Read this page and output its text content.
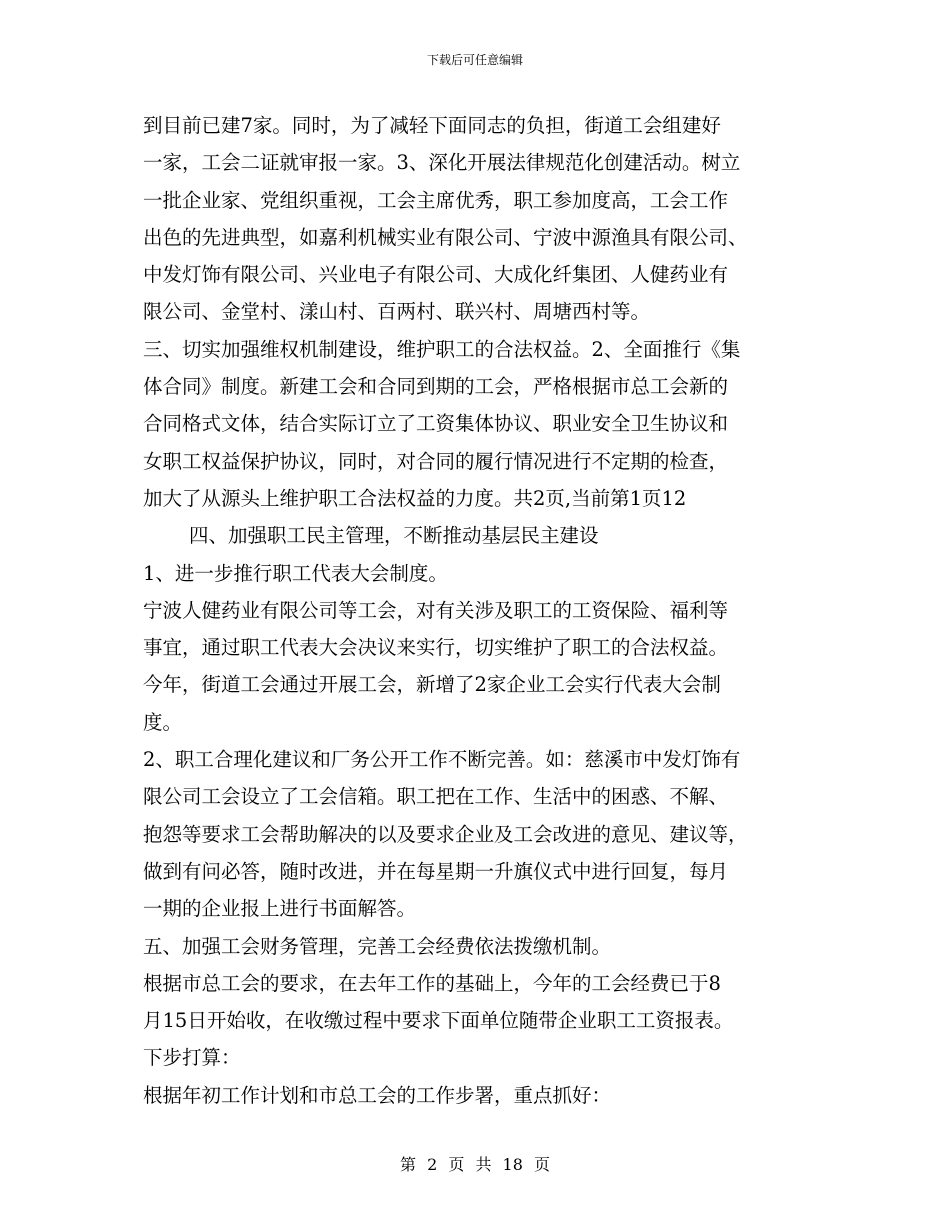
下载后可任意编辑
到目前已建7家。同时，为了减轻下面同志的负担，街道工会组建好
一家，工会二证就审报一家。3、深化开展法律规范化创建活动。树立
一批企业家、党组织重视，工会主席优秀，职工参加度高，工会工作
出色的先进典型，如嘉利机械实业有限公司、宁波中源渔具有限公司、
中发灯饰有限公司、兴业电子有限公司、大成化纤集团、人健药业有
限公司、金堂村、漾山村、百两村、联兴村、周塘西村等。
三、切实加强维权机制建设，维护职工的合法权益。2、全面推行《集
体合同》制度。新建工会和合同到期的工会，严格根据市总工会新的
合同格式文体，结合实际订立了工资集体协议、职业安全卫生协议和
女职工权益保护协议，同时，对合同的履行情况进行不定期的检查，
加大了从源头上维护职工合法权益的力度。共2页,当前第1页12
四、加强职工民主管理，不断推动基层民主建设
1、进一步推行职工代表大会制度。
宁波人健药业有限公司等工会，对有关涉及职工的工资保险、福利等
事宜，通过职工代表大会决议来实行，切实维护了职工的合法权益。
今年，街道工会通过开展工会，新增了2家企业工会实行代表大会制
度。
2、职工合理化建议和厂务公开工作不断完善。如：慈溪市中发灯饰有
限公司工会设立了工会信箱。职工把在工作、生活中的困惑、不解、
抱怨等要求工会帮助解决的以及要求企业及工会改进的意见、建议等，
做到有问必答，随时改进，并在每星期一升旗仪式中进行回复，每月
一期的企业报上进行书面解答。
五、加强工会财务管理，完善工会经费依法拨缴机制。
根据市总工会的要求，在去年工作的基础上，今年的工会经费已于8
月15日开始收，在收缴过程中要求下面单位随带企业职工工资报表。
下步打算：
根据年初工作计划和市总工会的工作步署，重点抓好：
第 2 页 共 18 页
